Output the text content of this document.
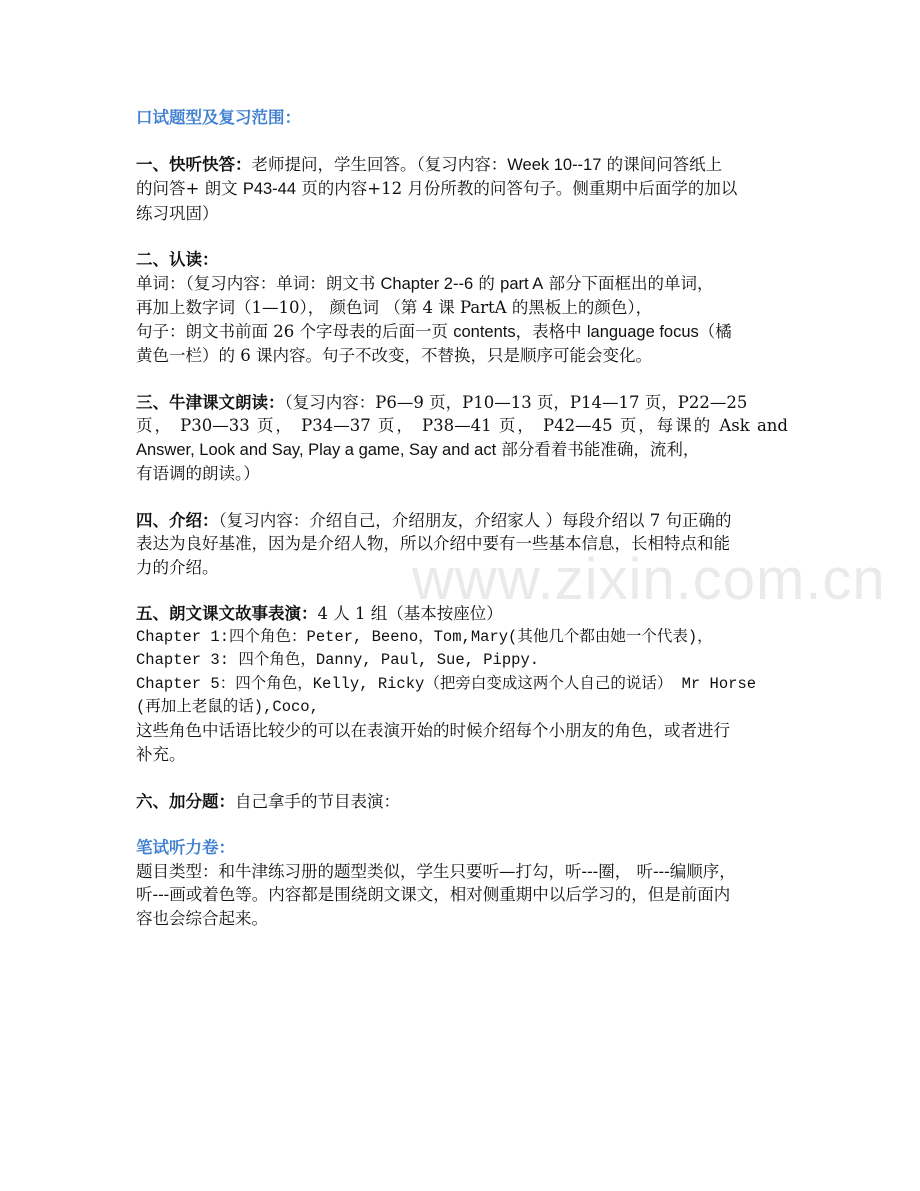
www.zixin.com.cn
口试题型及复习范围：
一、快听快答：老师提问，学生回答。（复习内容：Week 10--17 的课间问答纸上
的问答+ 朗文 P43-44 页的内容+12 月份所教的问答句子。侧重期中后面学的加以
练习巩固）
二、认读：
单词：（复习内容：单词：朗文书 Chapter 2--6 的 part A 部分下面框出的单词，
再加上数字词（1—10）， 颜色词 （第 4 课 PartA 的黑板上的颜色），
句子：朗文书前面 26 个字母表的后面一页 contents，表格中 language focus（橘
黄色一栏）的 6 课内容。句子不改变，不替换，只是顺序可能会变化。
三、牛津课文朗读：（复习内容：P6—9 页，P10—13 页，P14—17 页，P22—25
页， P30—33 页， P34—37 页， P38—41 页， P42—45 页，每课的 Ask and
Answer, Look and Say, Play a game, Say and act 部分看着书能准确，流利，
有语调的朗读。）
四、介绍：（复习内容：介绍自己，介绍朋友，介绍家人 ）每段介绍以 7 句正确的
表达为良好基准，因为是介绍人物，所以介绍中要有一些基本信息，长相特点和能
力的介绍。
五、朗文课文故事表演：4 人 1 组（基本按座位）
Chapter 1:四个角色：Peter, Beeno，Tom,Mary(其他几个都由她一个代表)，
Chapter 3: 四个角色，Danny, Paul, Sue, Pippy.
Chapter 5：四个角色，Kelly, Ricky（把旁白变成这两个人自己的说话） Mr Horse
(再加上老鼠的话),Coco,
这些角色中话语比较少的可以在表演开始的时候介绍每个小朋友的角色，或者进行
补充。
六、加分题：自己拿手的节目表演：
笔试听力卷：
题目类型：和牛津练习册的题型类似，学生只要听—打勾，听---圈， 听---编顺序，
听---画或着色等。内容都是围绕朗文课文，相对侧重期中以后学习的，但是前面内
容也会综合起来。
